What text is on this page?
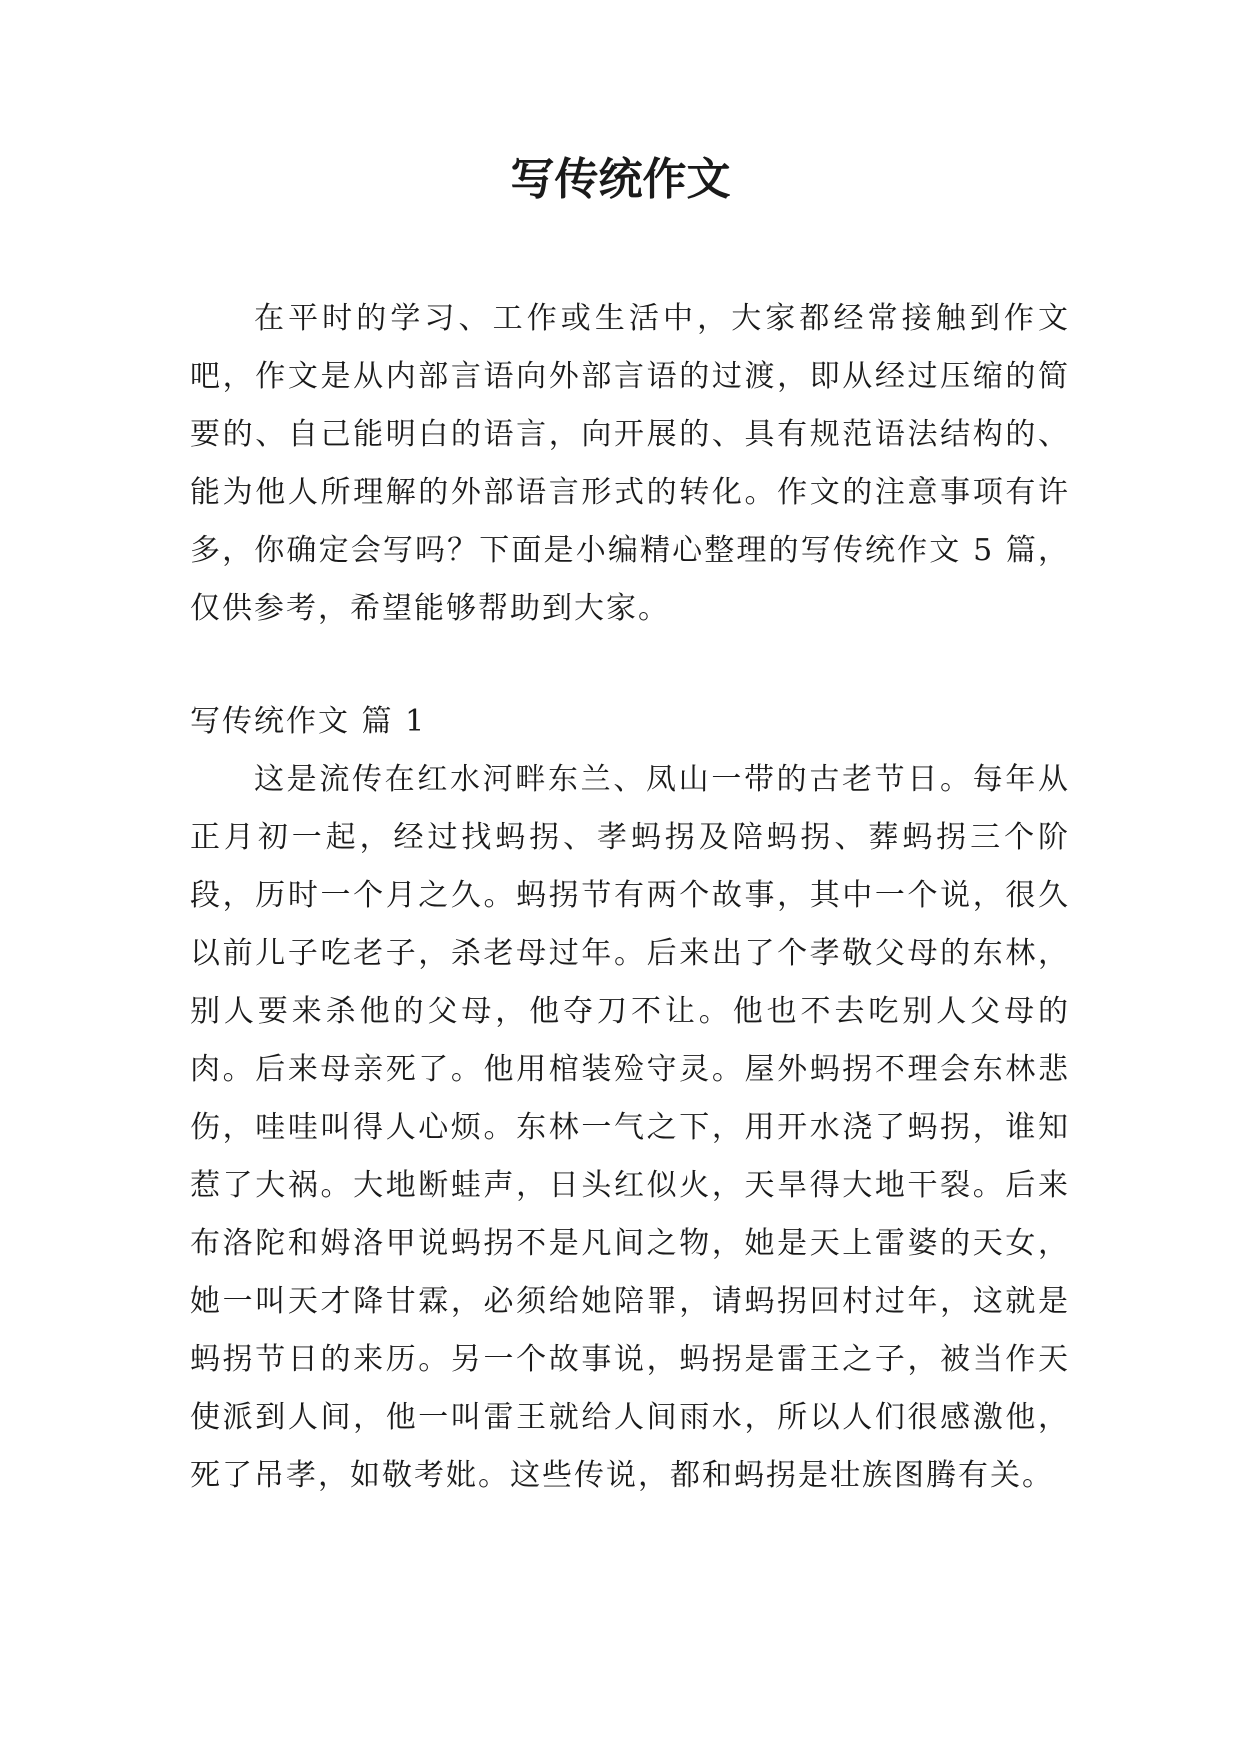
写传统作文

在平时的学习、工作或生活中，大家都经常接触到作文吧，作文是从内部言语向外部言语的过渡，即从经过压缩的简要的、自己能明白的语言，向开展的、具有规范语法结构的、能为他人所理解的外部语言形式的转化。作文的注意事项有许多，你确定会写吗？下面是小编精心整理的写传统作文 5 篇，仅供参考，希望能够帮助到大家。

写传统作文 篇 1

这是流传在红水河畔东兰、凤山一带的古老节日。每年从正月初一起，经过找蚂拐、孝蚂拐及陪蚂拐、葬蚂拐三个阶段，历时一个月之久。蚂拐节有两个故事，其中一个说，很久以前儿子吃老子，杀老母过年。后来出了个孝敬父母的东林，别人要来杀他的父母，他夺刀不让。他也不去吃别人父母的肉。后来母亲死了。他用棺装殓守灵。屋外蚂拐不理会东林悲伤，哇哇叫得人心烦。东林一气之下，用开水浇了蚂拐，谁知惹了大祸。大地断蛙声，日头红似火，天旱得大地干裂。后来布洛陀和姆洛甲说蚂拐不是凡间之物，她是天上雷婆的天女，她一叫天才降甘霖，必须给她陪罪，请蚂拐回村过年，这就是蚂拐节日的来历。另一个故事说，蚂拐是雷王之子，被当作天使派到人间，他一叫雷王就给人间雨水，所以人们很感激他，死了吊孝，如敬考妣。这些传说，都和蚂拐是壮族图腾有关。
